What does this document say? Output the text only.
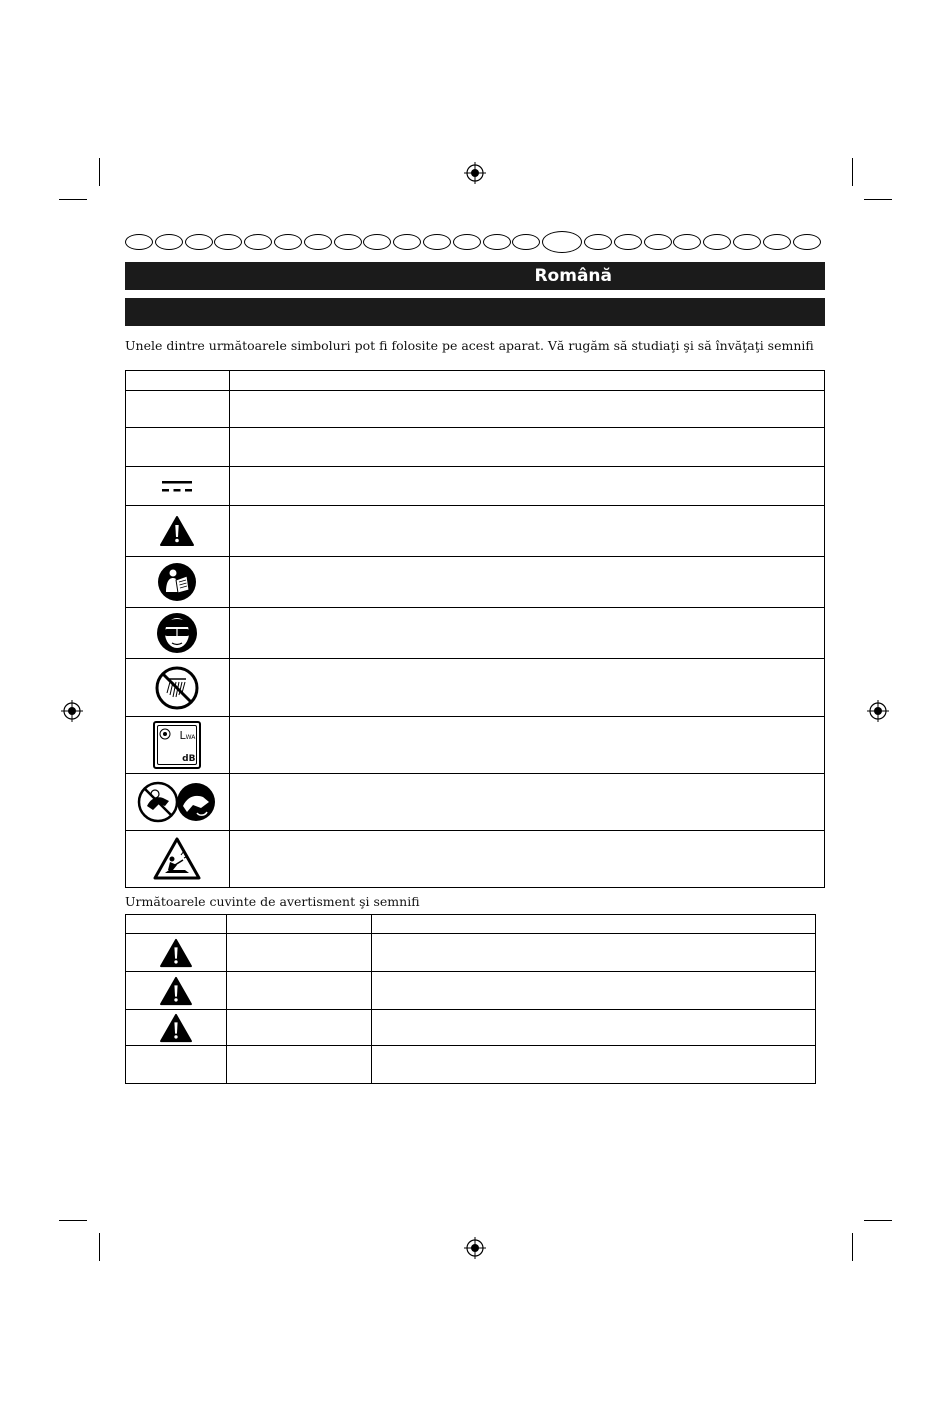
Română
Unele dintre următoarele simboluri pot fi folosite pe acest aparat. Vă rugăm să studiaţi şi să învăţaţi semnifi

LWA
dB	

Următoarele cuvinte de avertisment şi semnifi
